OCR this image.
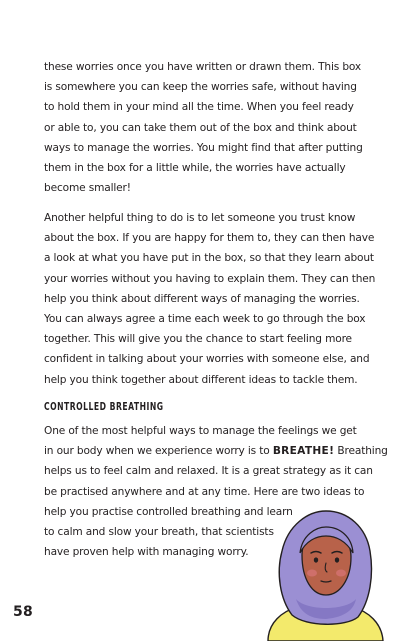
these worries once you have written or drawn them. This box
is somewhere you can keep the worries safe, without having
to hold them in your mind all the time. When you feel ready
or able to, you can take them out of the box and think about
ways to manage the worries. You might find that after putting
them in the box for a little while, the worries have actually
become smaller!

Another helpful thing to do is to let someone you trust know
about the box. If you are happy for them to, they can then have
a look at what you have put in the box, so that they learn about
your worries without you having to explain them. They can then
help you think about different ways of managing the worries.
You can always agree a time each week to go through the box
together. This will give you the chance to start feeling more
confident in talking about your worries with someone else, and
help you think together about different ideas to tackle them.

CONTROLLED BREATHING

One of the most helpful ways to manage the feelings we get
in our body when we experience worry is to BREATHE! Breathing
helps us to feel calm and relaxed. It is a great strategy as it can
be practised anywhere and at any time. Here are two ideas to
help you practise controlled breathing and learn
to calm and slow your breath, that scientists
have proven help with managing worry.

58
